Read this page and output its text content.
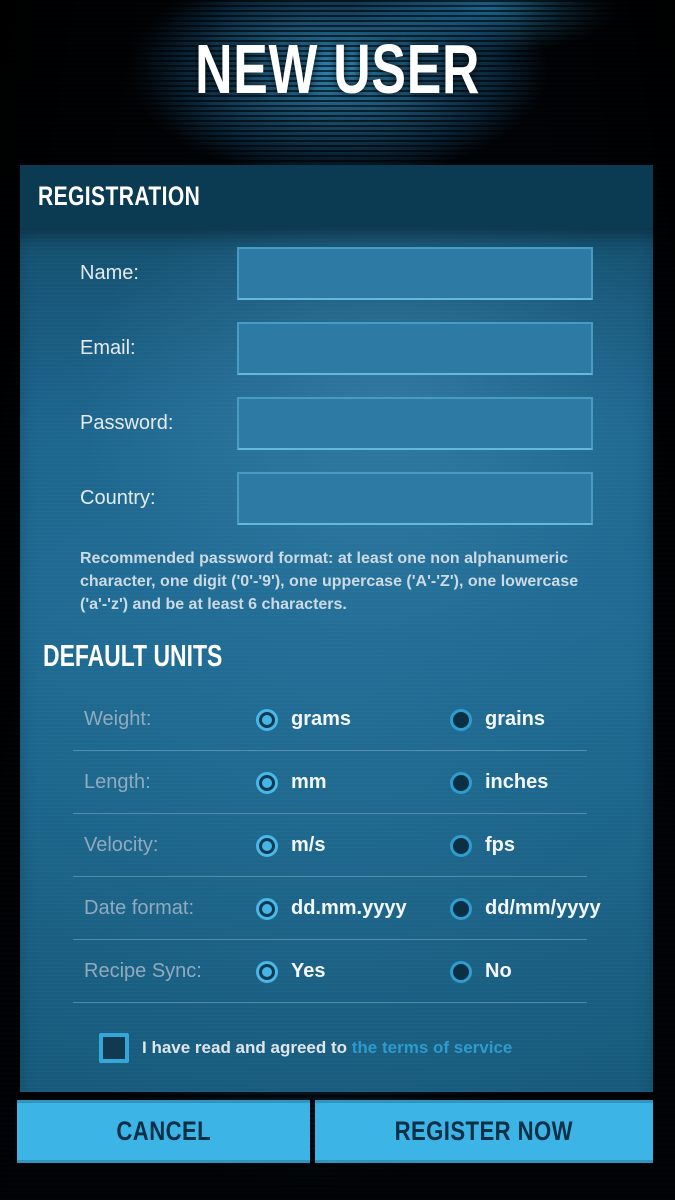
NEW USER
REGISTRATION
Name:
Email:
Password:
Country:
Recommended password format: at least one non alphanumeric character, one digit ('0'-'9'), one uppercase ('A'-'Z'), one lowercase ('a'-'z') and be at least 6 characters.
DEFAULT UNITS
Weight:	grams	grains
Length:	mm	inches
Velocity:	m/s	fps
Date format:	dd.mm.yyyy	dd/mm/yyyy
Recipe Sync:	Yes	No
I have read and agreed to the terms of service
CANCEL	REGISTER NOW
